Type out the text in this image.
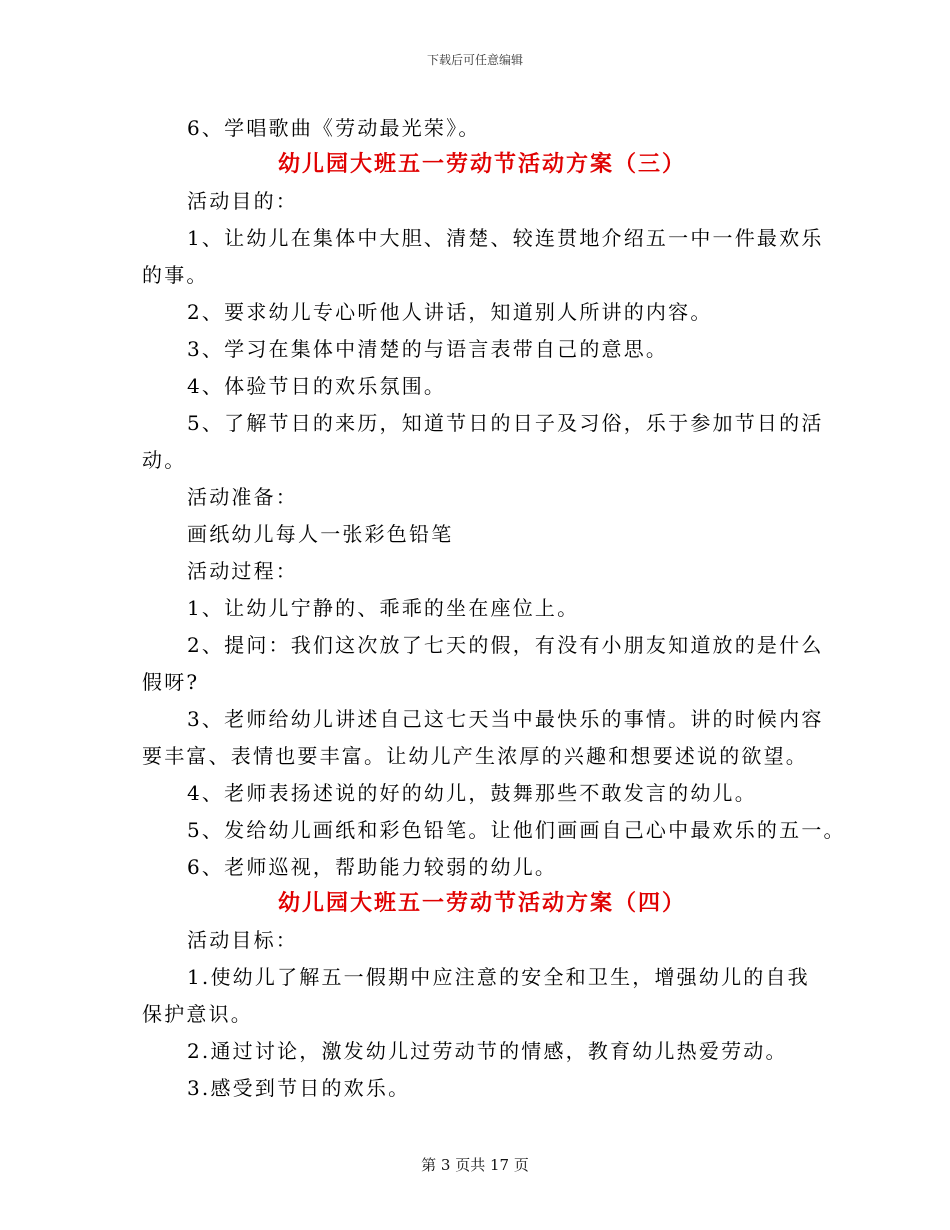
下载后可任意编辑

6、学唱歌曲《劳动最光荣》。

幼儿园大班五一劳动节活动方案（三）

活动目的：

1、让幼儿在集体中大胆、清楚、较连贯地介绍五一中一件最欢乐

的事。

2、要求幼儿专心听他人讲话，知道别人所讲的内容。

3、学习在集体中清楚的与语言表带自己的意思。

4、体验节日的欢乐氛围。

5、了解节日的来历，知道节日的日子及习俗，乐于参加节日的活

动。

活动准备：

画纸幼儿每人一张彩色铅笔

活动过程：

1、让幼儿宁静的、乖乖的坐在座位上。

2、提问：我们这次放了七天的假，有没有小朋友知道放的是什么

假呀?

3、老师给幼儿讲述自己这七天当中最快乐的事情。讲的时候内容

要丰富、表情也要丰富。让幼儿产生浓厚的兴趣和想要述说的欲望。

4、老师表扬述说的好的幼儿，鼓舞那些不敢发言的幼儿。

5、发给幼儿画纸和彩色铅笔。让他们画画自己心中最欢乐的五一。

6、老师巡视，帮助能力较弱的幼儿。

幼儿园大班五一劳动节活动方案（四）

活动目标：

1.使幼儿了解五一假期中应注意的安全和卫生，增强幼儿的自我

保护意识。

2.通过讨论，激发幼儿过劳动节的情感，教育幼儿热爱劳动。

3.感受到节日的欢乐。

第 3 页共 17 页
